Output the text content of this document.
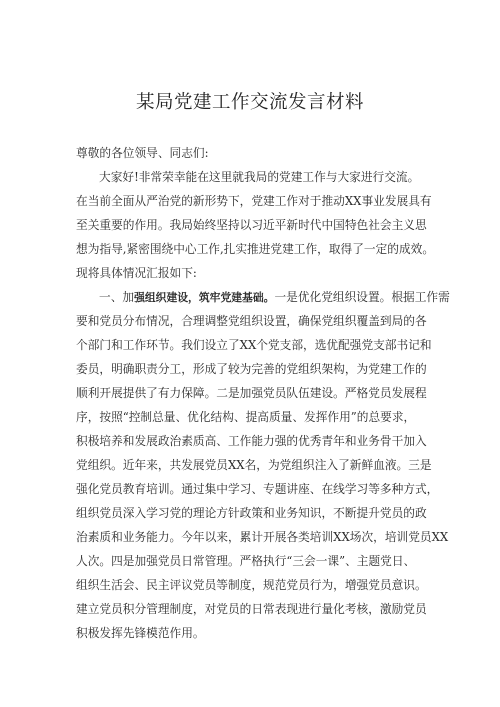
某局党建工作交流发言材料
尊敬的各位领导、同志们:
大家好!非常荣幸能在这里就我局的党建工作与大家进行交流。
在当前全面从严治党的新形势下，党建工作对于推动XX事业发展具有
至关重要的作用。我局始终坚持以习近平新时代中国特色社会主义思
想为指导,紧密围绕中心工作,扎实推进党建工作，取得了一定的成效。
现将具体情况汇报如下:
一、加强组织建设，筑牢党建基础。一是优化党组织设置。根据工作需
要和党员分布情况，合理调整党组织设置，确保党组织覆盖到局的各
个部门和工作环节。我们设立了XX个党支部，选优配强党支部书记和
委员，明确职责分工，形成了较为完善的党组织架构，为党建工作的
顺利开展提供了有力保障。二是加强党员队伍建设。严格党员发展程
序，按照“控制总量、优化结构、提高质量、发挥作用”的总要求，
积极培养和发展政治素质高、工作能力强的优秀青年和业务骨干加入
党组织。近年来，共发展党员XX名，为党组织注入了新鲜血液。三是
强化党员教育培训。通过集中学习、专题讲座、在线学习等多种方式，
组织党员深入学习党的理论方针政策和业务知识，不断提升党员的政
治素质和业务能力。今年以来，累计开展各类培训XX场次，培训党员XX
人次。四是加强党员日常管理。严格执行“三会一课”、主题党日、
组织生活会、民主评议党员等制度，规范党员行为，增强党员意识。
建立党员积分管理制度，对党员的日常表现进行量化考核，激励党员
积极发挥先锋模范作用。
